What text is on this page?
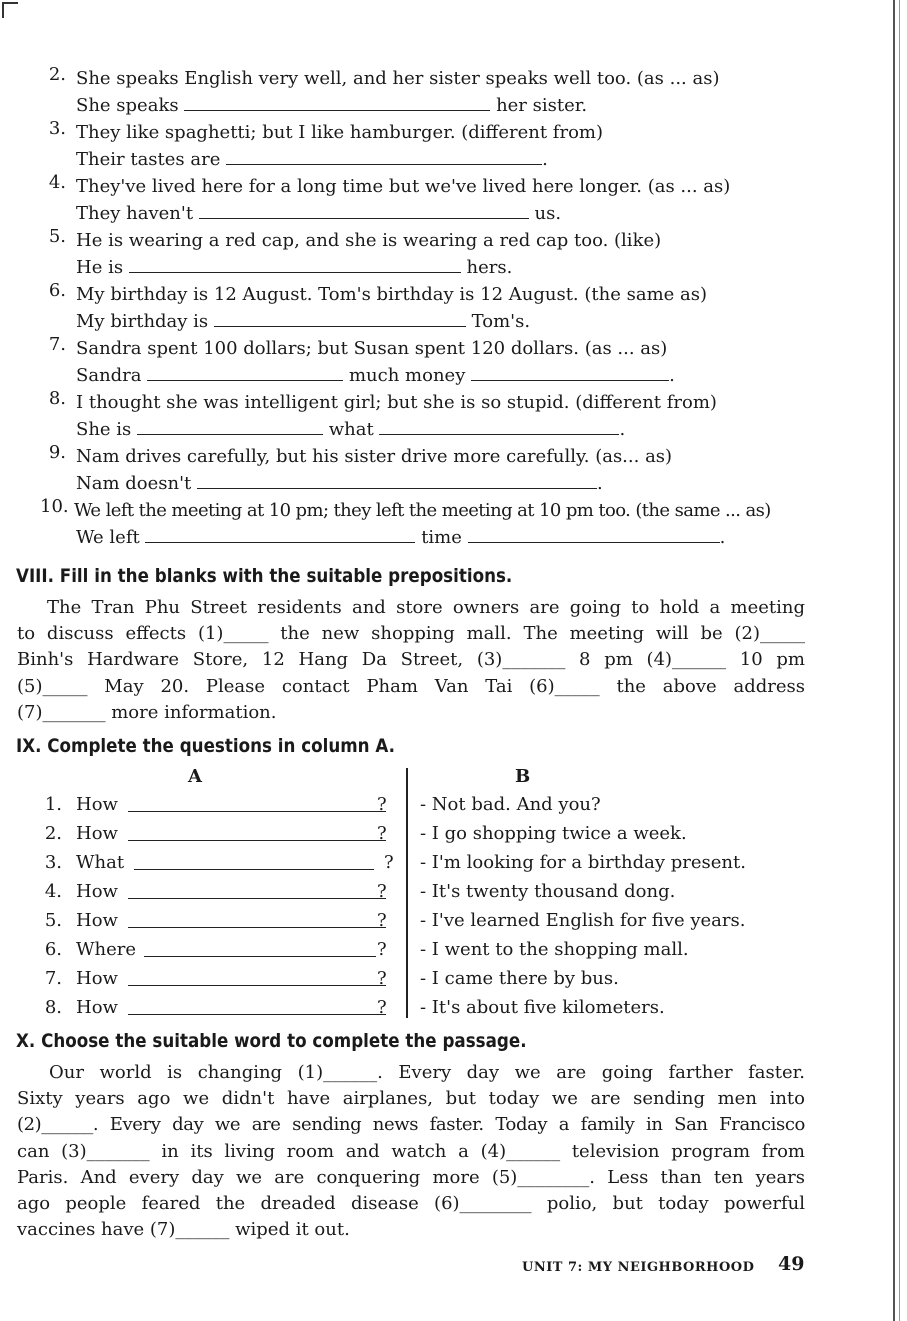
2. She speaks English very well, and her sister speaks well too. (as ... as)
She speaks	her sister.
3. They like spaghetti; but I like hamburger. (different from)
Their tastes are	.
4. They've lived here for a long time but we've lived here longer. (as ... as)
They haven't	us.
5. He is wearing a red cap, and she is wearing a red cap too. (like)
He is	hers.
6. My birthday is 12 August. Tom's birthday is 12 August. (the same as)
My birthday is	Tom's.
7. Sandra spent 100 dollars; but Susan spent 120 dollars. (as ... as)
Sandra	much money	.
8. I thought she was intelligent girl; but she is so stupid. (different from)
She is	what	.
9. Nam drives carefully, but his sister drive more carefully. (as... as)
Nam doesn't	.
10. We left the meeting at 10 pm; they left the meeting at 10 pm too. (the same ... as)
We left	time	.
VIII. Fill in the blanks with the suitable prepositions.
The Tran Phu Street residents and store owners are going to hold a meeting
to discuss effects (1)_____ the new shopping mall. The meeting will be (2)_____
Binh's Hardware Store, 12 Hang Da Street, (3)_______ 8 pm (4)______ 10 pm
(5)_____ May 20. Please contact Pham Van Tai (6)_____ the above address
(7)_______ more information.
IX. Complete the questions in column A.
A	B
1. How	? - Not bad. And you?
2. How	? - I go shopping twice a week.
3. What	? - I'm looking for a birthday present.
4. How	? - It's twenty thousand dong.
5. How	? - I've learned English for five years.
6. Where	? - I went to the shopping mall.
7. How	? - I came there by bus.
8. How	? - It's about five kilometers.
X. Choose the suitable word to complete the passage.
Our world is changing (1)______. Every day we are going farther faster.
Sixty years ago we didn't have airplanes, but today we are sending men into
(2)______. Every day we are sending news faster. Today a family in San Francisco
can (3)_______ in its living room and watch a (4)______ television program from
Paris. And every day we are conquering more (5)________. Less than ten years
ago people feared the dreaded disease (6)________ polio, but today powerful
vaccines have (7)______ wiped it out.
UNIT 7: MY NEIGHBORHOOD 49
